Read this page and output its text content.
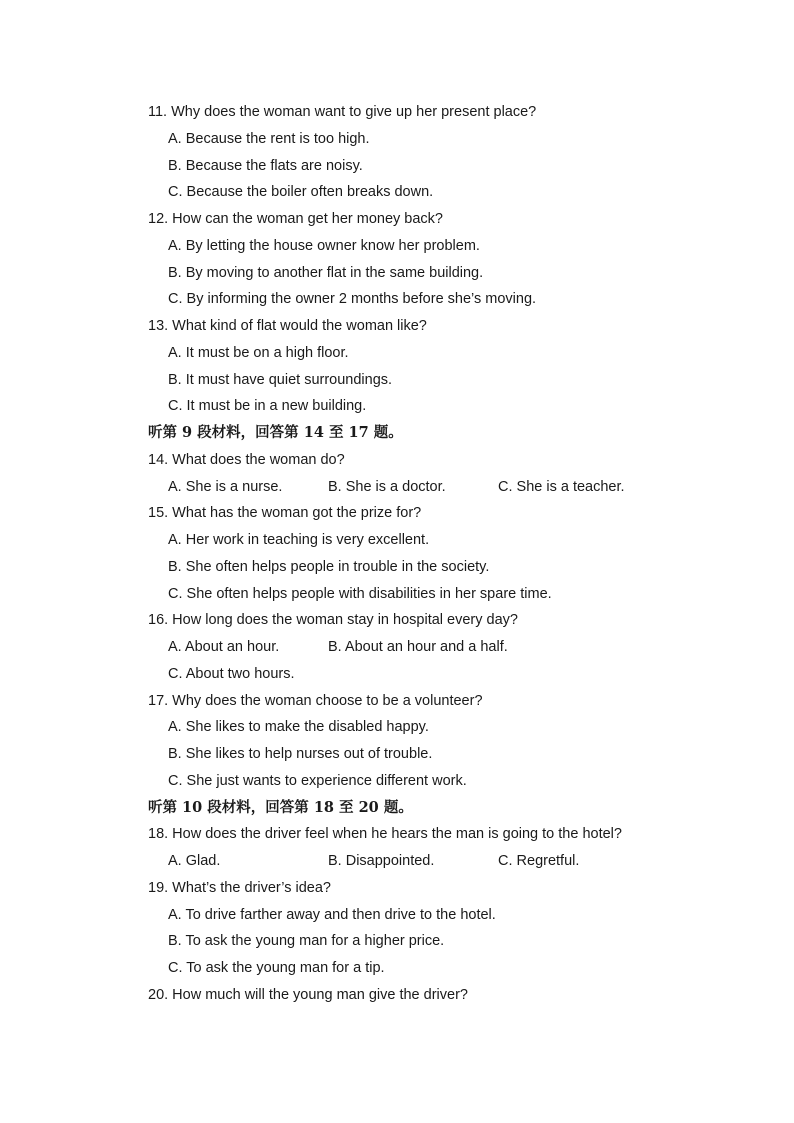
11. Why does the woman want to give up her present place?
A. Because the rent is too high.
B. Because the flats are noisy.
C. Because the boiler often breaks down.
12. How can the woman get her money back?
A. By letting the house owner know her problem.
B. By moving to another flat in the same building.
C. By informing the owner 2 months before she’s moving.
13. What kind of flat would the woman like?
A. It must be on a high floor.
B. It must have quiet surroundings.
C. It must be in a new building.
听第 9 段材料，回答第 14 至 17 题。
14. What does the woman do?
A. She is a nurse.	B. She is a doctor.	C. She is a teacher.
15. What has the woman got the prize for?
A. Her work in teaching is very excellent.
B. She often helps people in trouble in the society.
C. She often helps people with disabilities in her spare time.
16. How long does the woman stay in hospital every day?
A. About an hour.	B. About an hour and a half.
C. About two hours.
17. Why does the woman choose to be a volunteer?
A. She likes to make the disabled happy.
B. She likes to help nurses out of trouble.
C. She just wants to experience different work.
听第 10 段材料，回答第 18 至 20 题。
18. How does the driver feel when he hears the man is going to the hotel?
A. Glad.	B. Disappointed.	C. Regretful.
19. What’s the driver’s idea?
A. To drive farther away and then drive to the hotel.
B. To ask the young man for a higher price.
C. To ask the young man for a tip.
20. How much will the young man give the driver?
